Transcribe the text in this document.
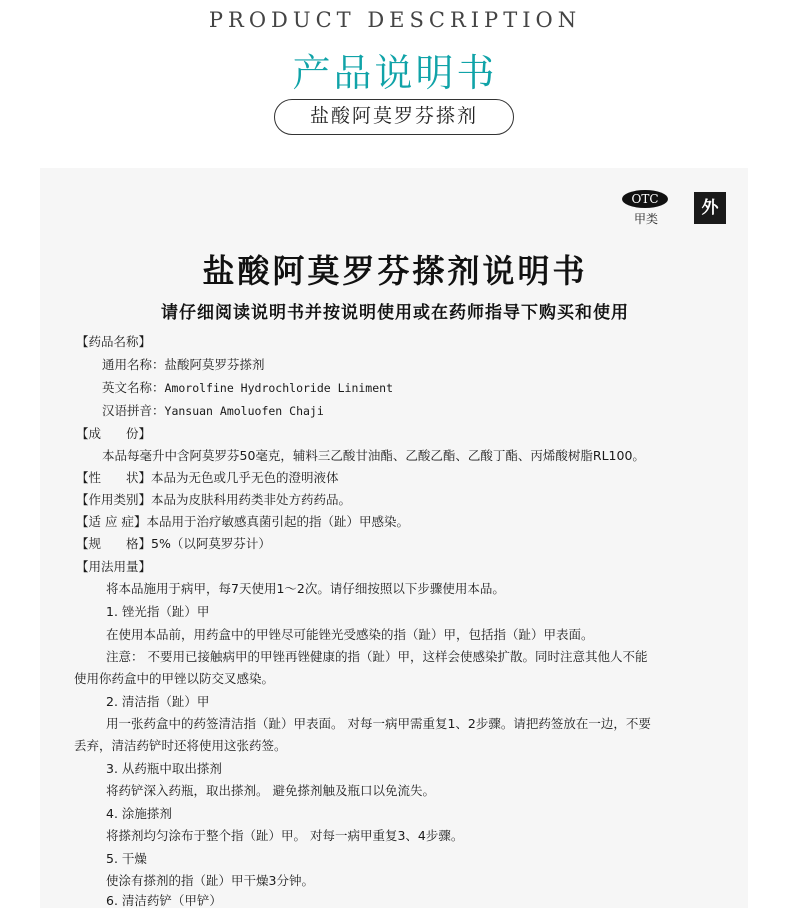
PRODUCT DESCRIPTION
产品说明书
盐酸阿莫罗芬搽剂
OTC
甲类
外
盐酸阿莫罗芬搽剂说明书
请仔细阅读说明书并按说明使用或在药师指导下购买和使用
【药品名称】
通用名称：盐酸阿莫罗芬搽剂
英文名称：Amorolfine Hydrochloride Liniment
汉语拼音：Yansuan Amoluofen Chaji
【成　　份】
本品每毫升中含阿莫罗芬50毫克，辅料三乙酸甘油酯、乙酸乙酯、乙酸丁酯、丙烯酸树脂RL100。
【性　　状】本品为无色或几乎无色的澄明液体
【作用类别】本品为皮肤科用药类非处方药药品。
【适 应 症】本品用于治疗敏感真菌引起的指（趾）甲感染。
【规　　格】5%（以阿莫罗芬计）
【用法用量】
将本品施用于病甲，每7天使用1～2次。请仔细按照以下步骤使用本品。
1. 锉光指（趾）甲
在使用本品前，用药盒中的甲锉尽可能锉光受感染的指（趾）甲，包括指（趾）甲表面。
注意： 不要用已接触病甲的甲锉再锉健康的指（趾）甲，这样会使感染扩散。同时注意其他人不能
使用你药盒中的甲锉以防交叉感染。
2. 清洁指（趾）甲
用一张药盒中的药签清洁指（趾）甲表面。 对每一病甲需重复1、2步骤。请把药签放在一边，不要
丢弃，清洁药铲时还将使用这张药签。
3. 从药瓶中取出搽剂
将药铲深入药瓶，取出搽剂。 避免搽剂触及瓶口以免流失。
4. 涂施搽剂
将搽剂均匀涂布于整个指（趾）甲。 对每一病甲重复3、4步骤。
5. 干燥
使涂有搽剂的指（趾）甲干燥3分钟。
6. 清洁药铲（甲铲）
